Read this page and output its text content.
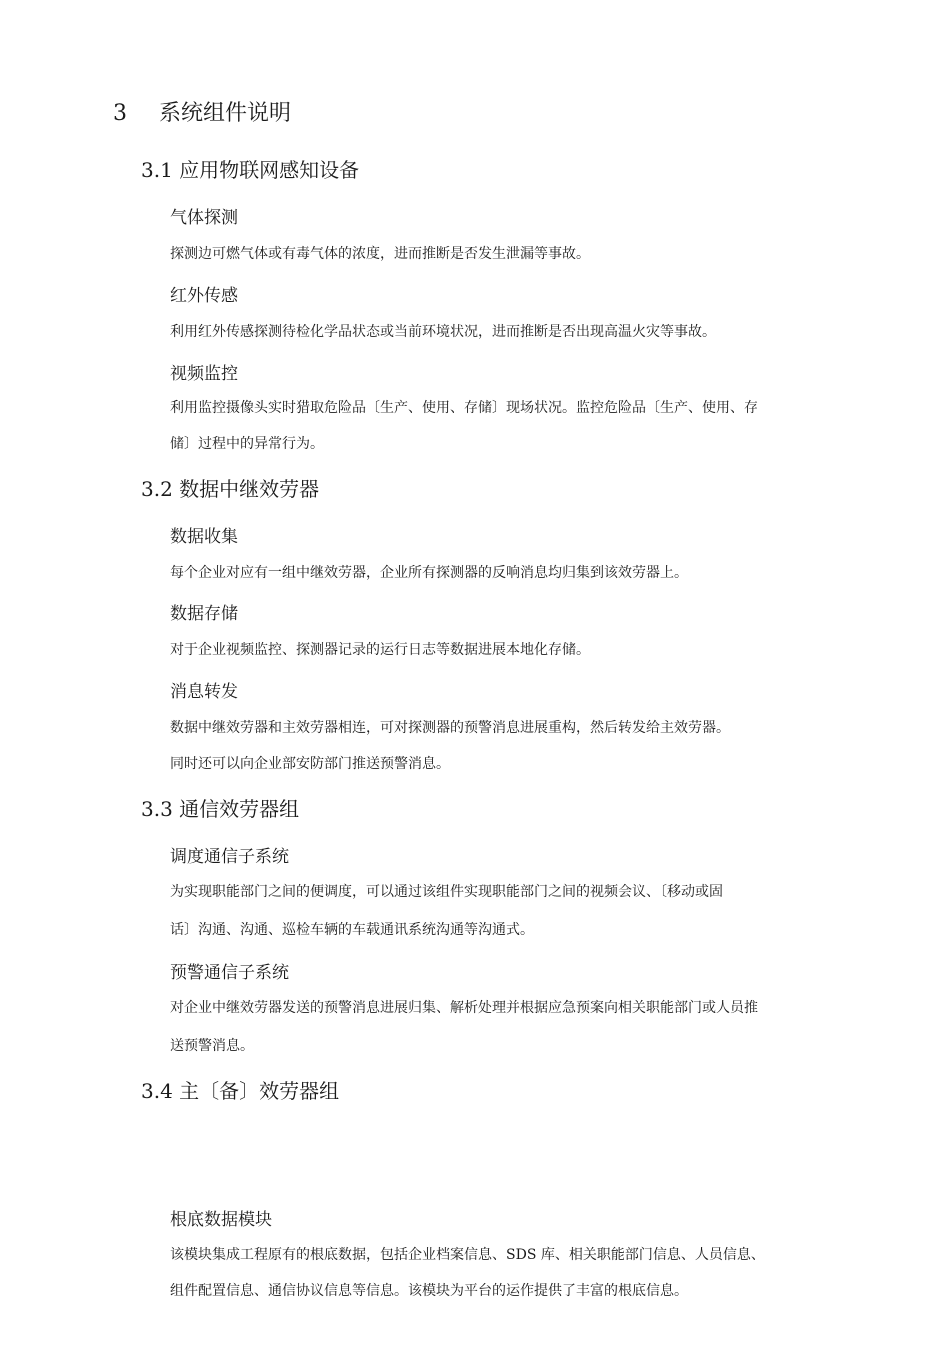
3 系统组件说明
3.1 应用物联网感知设备
气体探测
探测边可燃气体或有毒气体的浓度，进而推断是否发生泄漏等事故。
红外传感
利用红外传感探测待检化学品状态或当前环境状况，进而推断是否出现高温火灾等事故。
视频监控
利用监控摄像头实时猎取危险品〔生产、使用、存储〕现场状况。监控危险品〔生产、使用、存
储〕过程中的异常行为。
3.2 数据中继效劳器
数据收集
每个企业对应有一组中继效劳器，企业所有探测器的反响消息均归集到该效劳器上。
数据存储
对于企业视频监控、探测器记录的运行日志等数据进展本地化存储。
消息转发
数据中继效劳器和主效劳器相连，可对探测器的预警消息进展重构，然后转发给主效劳器。
同时还可以向企业部安防部门推送预警消息。
3.3 通信效劳器组
调度通信子系统
为实现职能部门之间的便调度，可以通过该组件实现职能部门之间的视频会议、〔移动或固
话〕沟通、沟通、巡检车辆的车载通讯系统沟通等沟通式。
预警通信子系统
对企业中继效劳器发送的预警消息进展归集、解析处理并根据应急预案向相关职能部门或人员推
送预警消息。
3.4 主〔备〕效劳器组
根底数据模块
该模块集成工程原有的根底数据，包括企业档案信息、SDS 库、相关职能部门信息、人员信息、
组件配置信息、通信协议信息等信息。该模块为平台的运作提供了丰富的根底信息。
